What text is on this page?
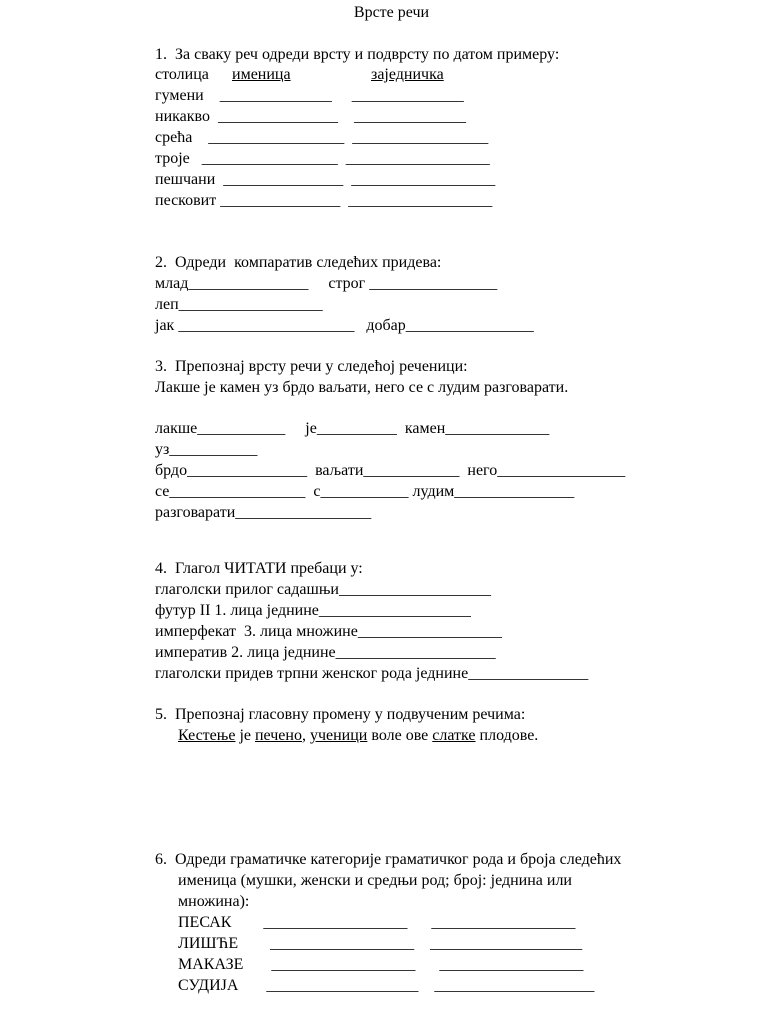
Врсте речи
1.  За сваку реч одреди врсту и подврсту по датом примеру:
столица именица	заједничка
гумени    ______________     ______________
никакво  _______________    ______________
срећа    _________________  _________________
троје   _________________  __________________
пешчани  _______________  __________________
песковит _______________  __________________
2.  Одреди  компаратив следећих придева:
млад_______________     строг ________________
леп__________________
јак ______________________   добар________________
3.  Препознај врсту речи у следећој реченици:
Лакше је камен уз брдо ваљати, него се с лудим разговарати.
лакше___________     је__________  камен_____________
уз___________
брдо_______________  ваљати____________  него________________
се_________________  с___________ лудим_______________
разговарати_________________
4.  Глагол ЧИТАТИ пребаци у:
глаголски прилог садашњи___________________
футур II 1. лица једнине___________________
имперфекат  3. лица множине__________________
императив 2. лица једнине____________________
глаголски придев трпни женског рода једнине_______________
5.  Препознај гласовну промену у подвученим речима:
Кестење је печено, ученици воле ове слатке плодове.
6.  Одреди граматичке категорије граматичког рода и броја следећих
именица (мушки, женски и средњи род; број: једнина или
множина):
ПЕСАК        __________________      __________________
ЛИШЋЕ        __________________    ___________________
МАКАЗЕ       __________________      __________________
СУДИЈА       ___________________    ____________________
